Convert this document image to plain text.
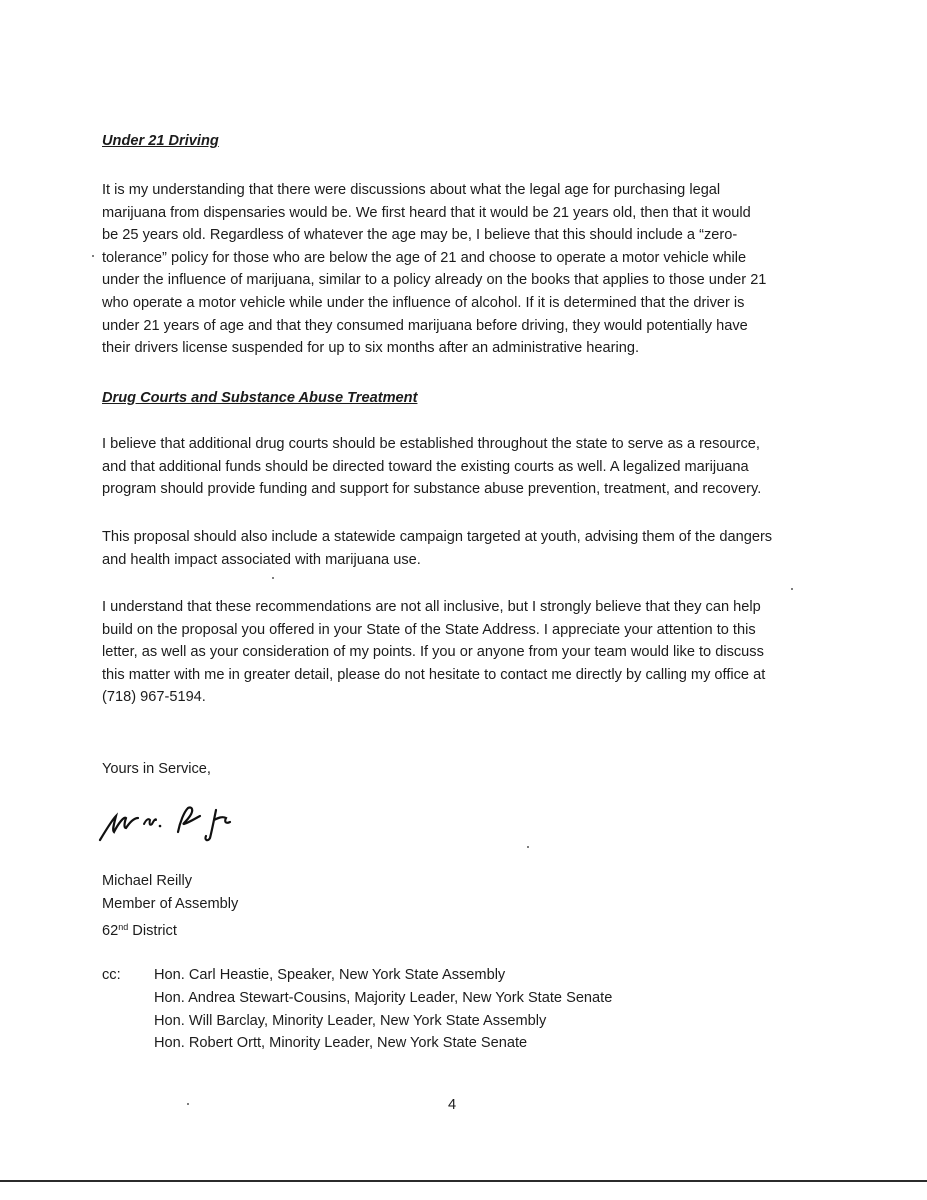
Under 21 Driving

It is my understanding that there were discussions about what the legal age for purchasing legal
marijuana from dispensaries would be. We first heard that it would be 21 years old, then that it would
be 25 years old. Regardless of whatever the age may be, I believe that this should include a “zero-
tolerance” policy for those who are below the age of 21 and choose to operate a motor vehicle while
under the influence of marijuana, similar to a policy already on the books that applies to those under 21
who operate a motor vehicle while under the influence of alcohol. If it is determined that the driver is
under 21 years of age and that they consumed marijuana before driving, they would potentially have
their drivers license suspended for up to six months after an administrative hearing.

Drug Courts and Substance Abuse Treatment

I believe that additional drug courts should be established throughout the state to serve as a resource,
and that additional funds should be directed toward the existing courts as well. A legalized marijuana
program should provide funding and support for substance abuse prevention, treatment, and recovery.

This proposal should also include a statewide campaign targeted at youth, advising them of the dangers
and health impact associated with marijuana use.

I understand that these recommendations are not all inclusive, but I strongly believe that they can help
build on the proposal you offered in your State of the State Address. I appreciate your attention to this
letter, as well as your consideration of my points. If you or anyone from your team would like to discuss
this matter with me in greater detail, please do not hesitate to contact me directly by calling my office at
(718) 967-5194.

Yours in Service,

Michael Reilly
Member of Assembly
62nd District
cc: Hon. Carl Heastie, Speaker, New York State Assembly
Hon. Andrea Stewart-Cousins, Majority Leader, New York State Senate
Hon. Will Barclay, Minority Leader, New York State Assembly
Hon. Robert Ortt, Minority Leader, New York State Senate
4
